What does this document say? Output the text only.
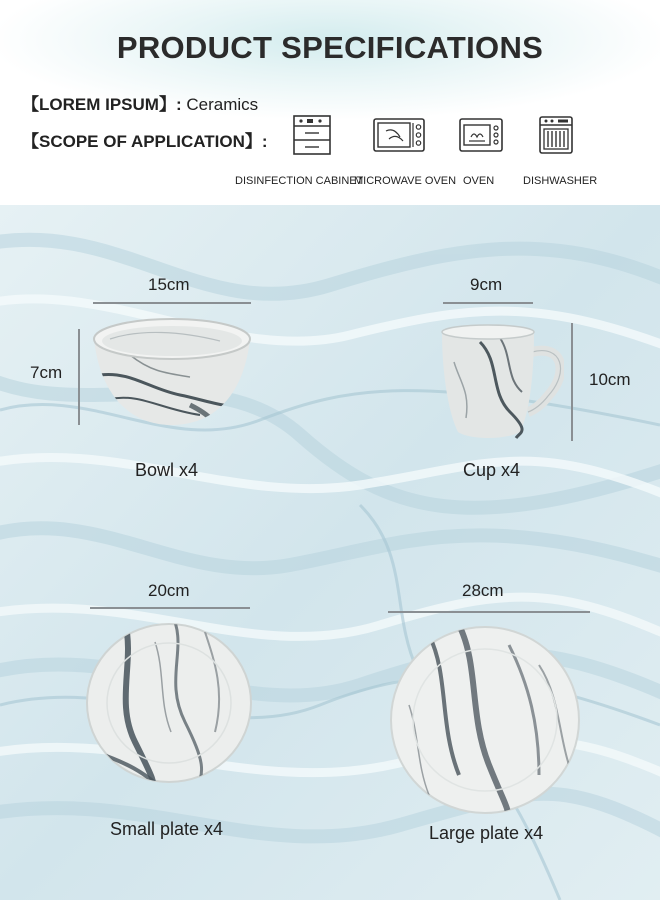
PRODUCT SPECIFICATIONS
【LOREM IPSUM】: Ceramics
【SCOPE OF APPLICATION】:
DISINFECTION CABINET
MICROWAVE OVEN OVEN	DISHWASHER
15cm
7cm
Bowl x4
9cm
10cm
Cup x4
20cm
Small plate x4
28cm
Large plate x4
